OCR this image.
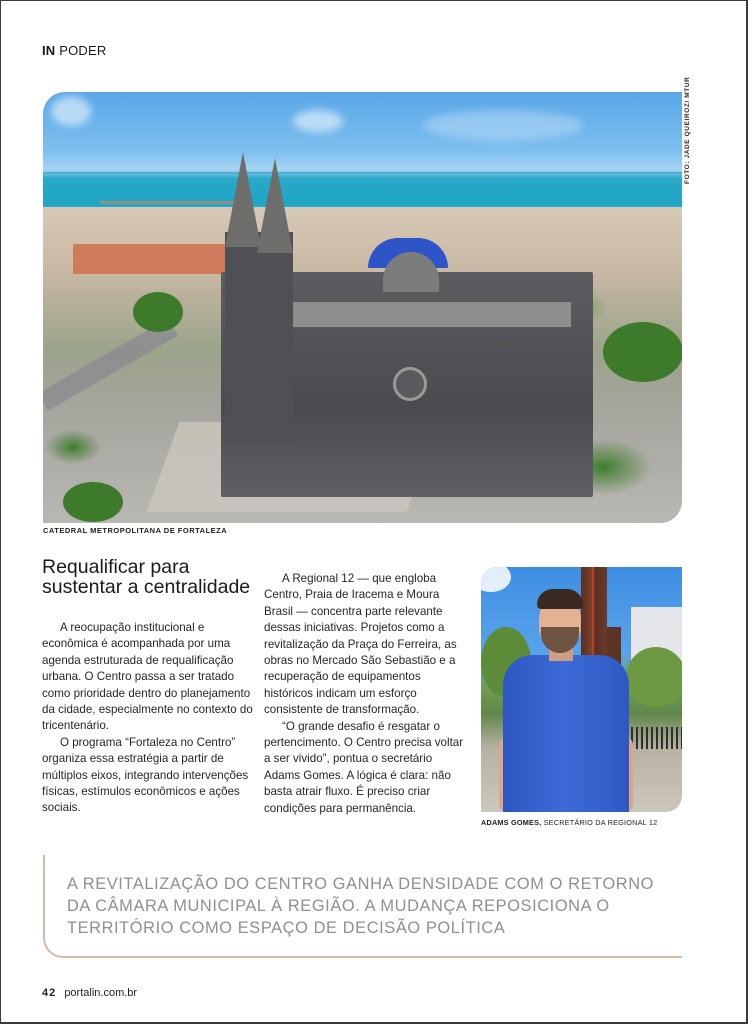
IN PODER
FOTO: JADE QUEIROZ/ MTUR
CATEDRAL METROPOLITANA DE FORTALEZA
Requalificar para sustentar a centralidade

A reocupação institucional e econômica é acompanhada por uma agenda estruturada de requalificação urbana. O Centro passa a ser tratado como prioridade dentro do planejamento da cidade, especialmente no contexto do tricentenário.

O programa “Fortaleza no Centro” organiza essa estratégia a partir de múltiplos eixos, integrando intervenções físicas, estímulos econômicos e ações sociais.

A Regional 12 — que engloba Centro, Praia de Iracema e Moura Brasil — concentra parte relevante dessas iniciativas. Projetos como a revitalização da Praça do Ferreira, as obras no Mercado São Sebastião e a recuperação de equipamentos históricos indicam um esforço consistente de transformação.

“O grande desafio é resgatar o pertencimento. O Centro precisa voltar a ser vivido”, pontua o secretário Adams Gomes. A lógica é clara: não basta atrair fluxo. É preciso criar condições para permanência.

ADAMS GOMES, SECRETÁRIO DA REGIONAL 12

A REVITALIZAÇÃO DO CENTRO GANHA DENSIDADE COM O RETORNO DA CÂMARA MUNICIPAL À REGIÃO. A MUDANÇA REPOSICIONA O TERRITÓRIO COMO ESPAÇO DE DECISÃO POLÍTICA

42 portalin.com.br
